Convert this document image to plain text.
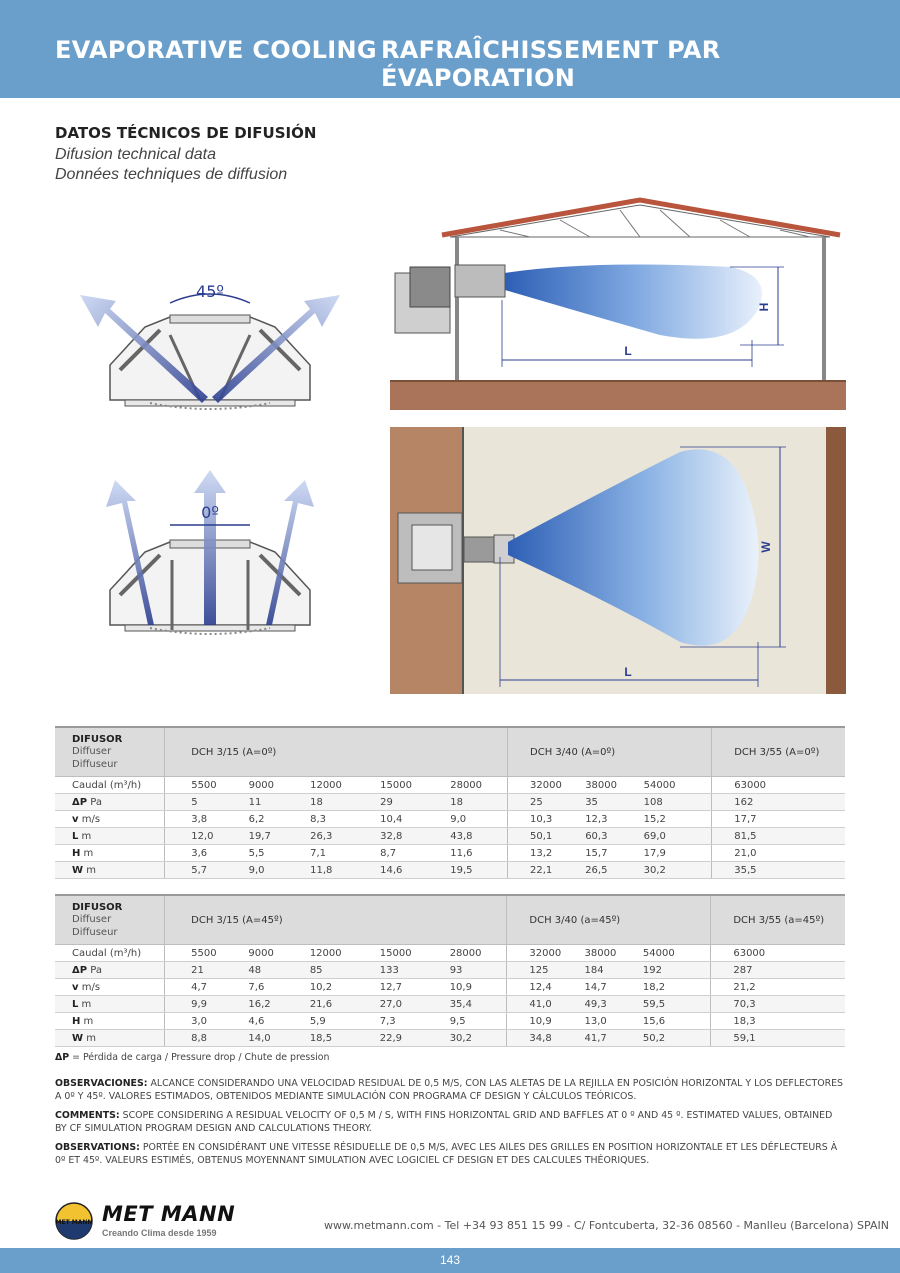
EVAPORATIVE COOLING RAFRAÎCHISSEMENT PAR ÉVAPORATION
DATOS TÉCNICOS DE DIFUSIÓN
Difusion technical data
Données techniques de diffusion
45º
0º
L
H
L
W
DIFUSOR
Diffuser
Diffuseur	DCH 3/15 (A=0º)					DCH 3/40 (A=0º)			DCH 3/55 (A=0º)
Caudal (m³/h)	5500	9000	12000	15000	28000	32000	38000	54000	63000
ΔP Pa	5	11	18	29	18	25	35	108	162
v m/s	3,8	6,2	8,3	10,4	9,0	10,3	12,3	15,2	17,7
L m	12,0	19,7	26,3	32,8	43,8	50,1	60,3	69,0	81,5
H m	3,6	5,5	7,1	8,7	11,6	13,2	15,7	17,9	21,0
W m	5,7	9,0	11,8	14,6	19,5	22,1	26,5	30,2	35,5
DIFUSOR
Diffuser
Diffuseur	DCH 3/15 (A=45º)					DCH 3/40 (a=45º)			DCH 3/55 (a=45º)
Caudal (m³/h)	5500	9000	12000	15000	28000	32000	38000	54000	63000
ΔP Pa	21	48	85	133	93	125	184	192	287
v m/s	4,7	7,6	10,2	12,7	10,9	12,4	14,7	18,2	21,2
L m	9,9	16,2	21,6	27,0	35,4	41,0	49,3	59,5	70,3
H m	3,0	4,6	5,9	7,3	9,5	10,9	13,0	15,6	18,3
W m	8,8	14,0	18,5	22,9	30,2	34,8	41,7	50,2	59,1
ΔP = Pérdida de carga / Pressure drop / Chute de pression
OBSERVACIONES: ALCANCE CONSIDERANDO UNA VELOCIDAD RESIDUAL DE 0,5 M/S, CON LAS ALETAS DE LA REJILLA EN POSICIÓN HORIZONTAL Y LOS DEFLECTORES A 0º Y 45º. VALORES ESTIMADOS, OBTENIDOS MEDIANTE SIMULACIÓN CON PROGRAMA CF DESIGN Y CÁLCULOS TEÓRICOS.
COMMENTS: SCOPE CONSIDERING A RESIDUAL VELOCITY OF 0,5 M / S, WITH FINS HORIZONTAL GRID AND BAFFLES AT 0 º AND 45 º. ESTIMATED VALUES, OBTAINED BY CF SIMULATION PROGRAM DESIGN AND CALCULATIONS THEORY.
OBSERVATIONS: PORTÉE EN CONSIDÉRANT UNE VITESSE RÉSIDUELLE DE 0,5 M/S, AVEC LES AILES DES GRILLES EN POSITION HORIZONTALE ET LES DÉFLECTEURS À 0º ET 45º. VALEURS ESTIMÉS, OBTENUS MOYENNANT SIMULATION AVEC LOGICIEL CF DESIGN ET DES CALCULES THÉORIQUES.
MET MANN MET MANN
Creando Clima desde 1959
www.metmann.com - Tel +34 93 851 15 99 - C/ Fontcuberta, 32-36 08560 - Manlleu (Barcelona) SPAIN
143
